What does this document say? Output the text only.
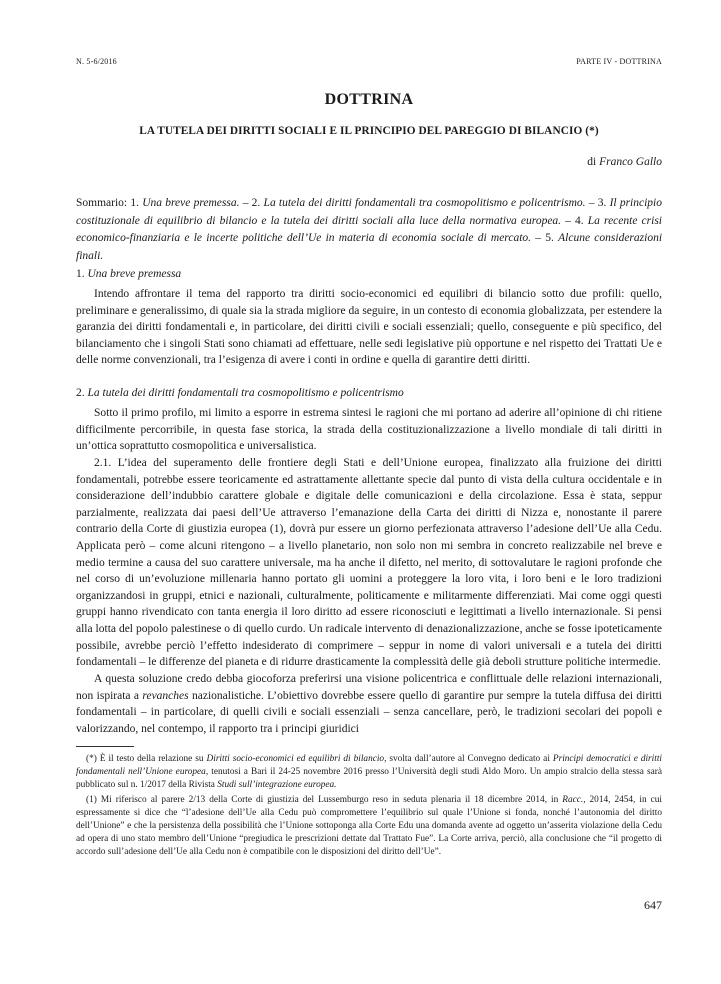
N. 5-6/2016	PARTE IV - DOTTRINA
DOTTRINA
LA TUTELA DEI DIRITTI SOCIALI E IL PRINCIPIO DEL PAREGGIO DI BILANCIO (*)
di Franco Gallo
Sommario: 1. Una breve premessa. – 2. La tutela dei diritti fondamentali tra cosmopolitismo e policentrismo. – 3. Il principio costituzionale di equilibrio di bilancio e la tutela dei diritti sociali alla luce della normativa europea. – 4. La recente crisi economico-finanziaria e le incerte politiche dell’Ue in materia di economia sociale di mercato. – 5. Alcune considerazioni finali.
1. Una breve premessa

Intendo affrontare il tema del rapporto tra diritti socio-economici ed equilibri di bilancio sotto due profili: quello, preliminare e generalissimo, di quale sia la strada migliore da seguire, in un contesto di economia globalizzata, per estendere la garanzia dei diritti fondamentali e, in particolare, dei diritti civili e sociali essenziali; quello, conseguente e più specifico, del bilanciamento che i singoli Stati sono chiamati ad effettuare, nelle sedi legislative più opportune e nel rispetto dei Trattati Ue e delle norme convenzionali, tra l’esigenza di avere i conti in ordine e quella di garantire detti diritti.

2. La tutela dei diritti fondamentali tra cosmopolitismo e policentrismo

Sotto il primo profilo, mi limito a esporre in estrema sintesi le ragioni che mi portano ad aderire all’opinione di chi ritiene difficilmente percorribile, in questa fase storica, la strada della costituzionalizzazione a livello mondiale di tali diritti in un’ottica soprattutto cosmopolitica e universalistica.

2.1. L’idea del superamento delle frontiere degli Stati e dell’Unione europea, finalizzato alla fruizione dei diritti fondamentali, potrebbe essere teoricamente ed astrattamente allettante specie dal punto di vista della cultura occidentale e in considerazione dell’indubbio carattere globale e digitale delle comunicazioni e della circolazione. Essa è stata, seppur parzialmente, realizzata dai paesi dell’Ue attraverso l’emanazione della Carta dei diritti di Nizza e, nonostante il parere contrario della Corte di giustizia europea (1), dovrà pur essere un giorno perfezionata attraverso l’adesione dell’Ue alla Cedu. Applicata però – come alcuni ritengono – a livello planetario, non solo non mi sembra in concreto realizzabile nel breve e medio termine a causa del suo carattere universale, ma ha anche il difetto, nel merito, di sottovalutare le ragioni profonde che nel corso di un’evoluzione millenaria hanno portato gli uomini a proteggere la loro vita, i loro beni e le loro tradizioni organizzandosi in gruppi, etnici e nazionali, culturalmente, politicamente e militarmente differenziati. Mai come oggi questi gruppi hanno rivendicato con tanta energia il loro diritto ad essere riconosciuti e legittimati a livello internazionale. Si pensi alla lotta del popolo palestinese o di quello curdo. Un radicale intervento di denazionalizzazione, anche se fosse ipoteticamente possibile, avrebbe perciò l’effetto indesiderato di comprimere – seppur in nome di valori universali e a tutela dei diritti fondamentali – le differenze del pianeta e di ridurre drasticamente la complessità delle già deboli strutture politiche intermedie.

A questa soluzione credo debba giocoforza preferirsi una visione policentrica e conflittuale delle relazioni internazionali, non ispirata a revanches nazionalistiche. L’obiettivo dovrebbe essere quello di garantire pur sempre la tutela diffusa dei diritti fondamentali – in particolare, di quelli civili e sociali essenziali – senza cancellare, però, le tradizioni secolari dei popoli e valorizzando, nel contempo, il rapporto tra i principi giuridici

(*) È il testo della relazione su Diritti socio-economici ed equilibri di bilancio, svolta dall’autore al Convegno dedicato ai Principi democratici e diritti fondamentali nell’Unione europea, tenutosi a Bari il 24-25 novembre 2016 presso l’Università degli studi Aldo Moro. Un ampio stralcio della stessa sarà pubblicato sul n. 1/2017 della Rivista Studi sull’integrazione europea.

(1) Mi riferisco al parere 2/13 della Corte di giustizia del Lussemburgo reso in seduta plenaria il 18 dicembre 2014, in Racc., 2014, 2454, in cui espressamente si dice che “l’adesione dell’Ue alla Cedu può compromettere l’equilibrio sul quale l’Unione si fonda, nonché l’autonomia del diritto dell’Unione” e che la persistenza della possibilità che l’Unione sottoponga alla Corte Edu una domanda avente ad oggetto un’asserita violazione della Cedu ad opera di uno stato membro dell’Unione “pregiudica le prescrizioni dettate dal Trattato Fue”. La Corte arriva, perciò, alla conclusione che “il progetto di accordo sull’adesione dell’Ue alla Cedu non è compatibile con le disposizioni del diritto dell’Ue”.

647
